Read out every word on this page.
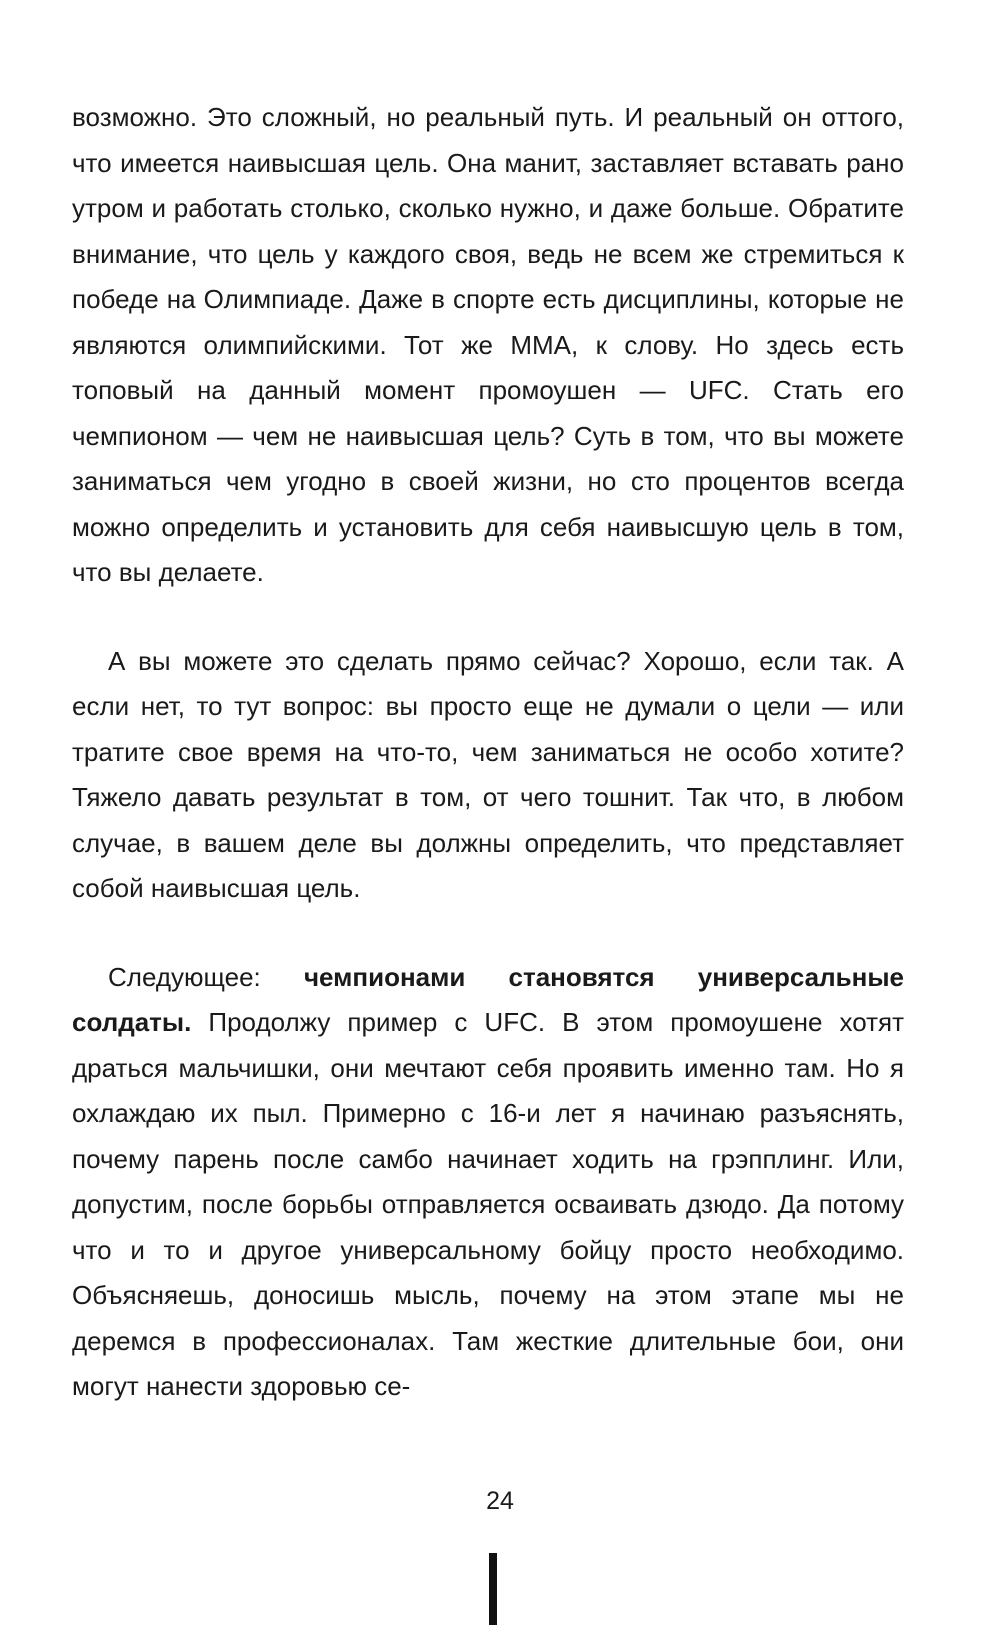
возможно. Это сложный, но реальный путь. И реальный он оттого, что имеется наивысшая цель. Она манит, заставляет вставать рано утром и работать столько, сколько нужно, и даже больше. Обратите внимание, что цель у каждого своя, ведь не всем же стремиться к победе на Олимпиаде. Даже в спорте есть дисциплины, которые не являются олимпийскими. Тот же ММА, к слову. Но здесь есть топовый на данный момент промоушен — UFC. Стать его чемпионом — чем не наивысшая цель? Суть в том, что вы можете заниматься чем угодно в своей жизни, но сто процентов всегда можно определить и установить для себя наивысшую цель в том, что вы делаете.

А вы можете это сделать прямо сейчас? Хорошо, если так. А если нет, то тут вопрос: вы просто еще не думали о цели — или тратите свое время на что-то, чем заниматься не особо хотите? Тяжело давать результат в том, от чего тошнит. Так что, в любом случае, в вашем деле вы должны определить, что представляет собой наивысшая цель.

Следующее: чемпионами становятся универсальные солдаты. Продолжу пример с UFC. В этом промоушене хотят драться мальчишки, они мечтают себя проявить именно там. Но я охлаждаю их пыл. Примерно с 16-и лет я начинаю разъяснять, почему парень после самбо начинает ходить на грэпплинг. Или, допустим, после борьбы отправляется осваивать дзюдо. Да потому что и то и другое универсальному бойцу просто необходимо. Объясняешь, доносишь мысль, почему на этом этапе мы не деремся в профессионалах. Там жесткие длительные бои, они могут нанести здоровью се-

24
